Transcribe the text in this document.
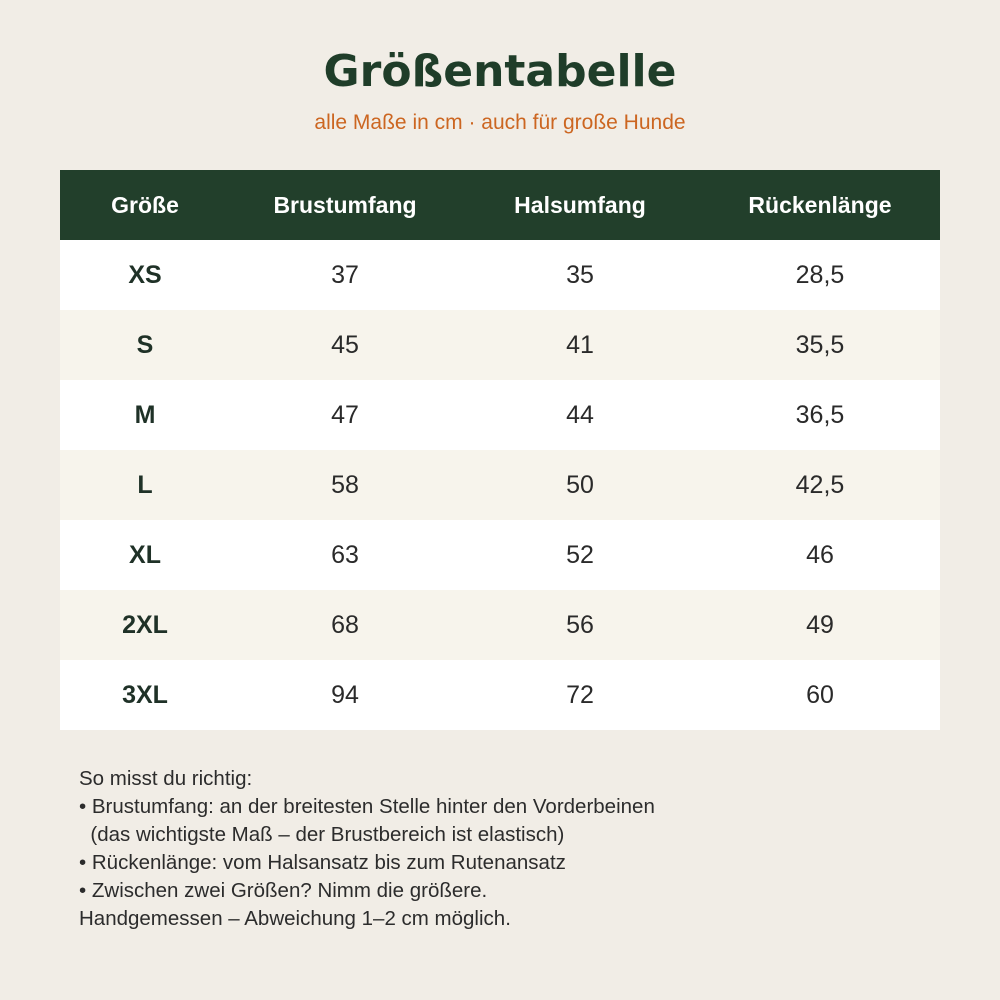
Größentabelle
alle Maße in cm · auch für große Hunde
Größe	Brustumfang	Halsumfang	Rückenlänge
XS	37	35	28,5
S	45	41	35,5
M	47	44	36,5
L	58	50	42,5
XL	63	52	46
2XL	68	56	49
3XL	94	72	60
So misst du richtig:
• Brustumfang: an der breitesten Stelle hinter den Vorderbeinen
(das wichtigste Maß – der Brustbereich ist elastisch)
• Rückenlänge: vom Halsansatz bis zum Rutenansatz
• Zwischen zwei Größen? Nimm die größere.
Handgemessen – Abweichung 1–2 cm möglich.
